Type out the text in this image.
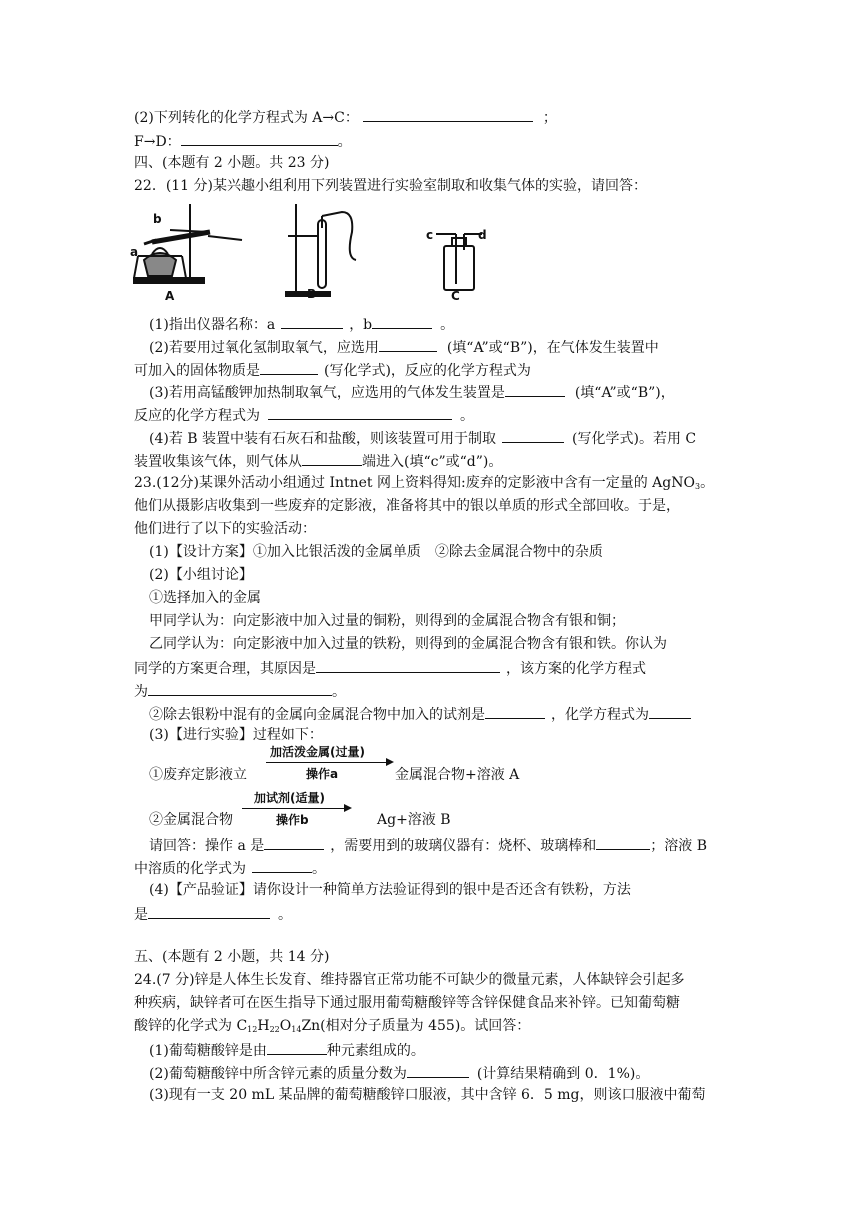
(2)下列转化的化学方程式为 A→C：	；
F→D：	。
四、(本题有 2 小题。共 23 分)
22．(11 分)某兴趣小组利用下列装置进行实验室制取和收集气体的实验，请回答：
b
a
c	d
A	B	C
(1)指出仪器名称：a	，b	。
(2)若要用过氧化氢制取氧气，应选用	(填“A”或“B”)，在气体发生装置中
可加入的固体物质是	(写化学式)，反应的化学方程式为
(3)若用高锰酸钾加热制取氧气，应选用的气体发生装置是	(填“A”或“B”)，
反应的化学方程式为	。
(4)若 B 装置中装有石灰石和盐酸，则该装置可用于制取	(写化学式)。若用 C
装置收集该气体，则气体从	端进入(填“c”或“d”)。
23.(12分)某课外活动小组通过 Intnet 网上资料得知:废弃的定影液中含有一定量的 AgNO$_3$。
他们从摄影店收集到一些废弃的定影液，准备将其中的银以单质的形式全部回收。于是，
他们进行了以下的实验活动：
(1)【设计方案】①加入比银活泼的金属单质　②除去金属混合物中的杂质
(2)【小组讨论】
①选择加入的金属
甲同学认为：向定影液中加入过量的铜粉，则得到的金属混合物含有银和铜；
乙同学认为：向定影液中加入过量的铁粉，则得到的金属混合物含有银和铁。你认为
同学的方案更合理，其原因是	，该方案的化学方程式
为	。
②除去银粉中混有的金属向金属混合物中加入的试剂是	，化学方程式为
(3)【进行实验】过程如下：
①废弃定影液立
加活泼金属(过量)
操作a	金属混合物+溶液 A
②金属混合物
加试剂(适量)
操作b	Ag+溶液 B
请回答：操作 a 是	，需要用到的玻璃仪器有：烧杯、玻璃棒和	；溶液 B
中溶质的化学式为	。
(4)【产品验证】请你设计一种简单方法验证得到的银中是否还含有铁粉，方法
是	。
五、(本题有 2 小题，共 14 分)
24.(7 分)锌是人体生长发育、维持器官正常功能不可缺少的微量元素，人体缺锌会引起多
种疾病，缺锌者可在医生指导下通过服用葡萄糖酸锌等含锌保健食品来补锌。已知葡萄糖
酸锌的化学式为 $C_{12}H_{22}O_{14}Zn$(相对分子质量为 455)。试回答：
(1)葡萄糖酸锌是由	种元素组成的。
(2)葡萄糖酸锌中所含锌元素的质量分数为	(计算结果精确到 0．1%)。
(3)现有一支 20 mL 某品牌的葡萄糖酸锌口服液，其中含锌 6．5 mg，则该口服液中葡萄
